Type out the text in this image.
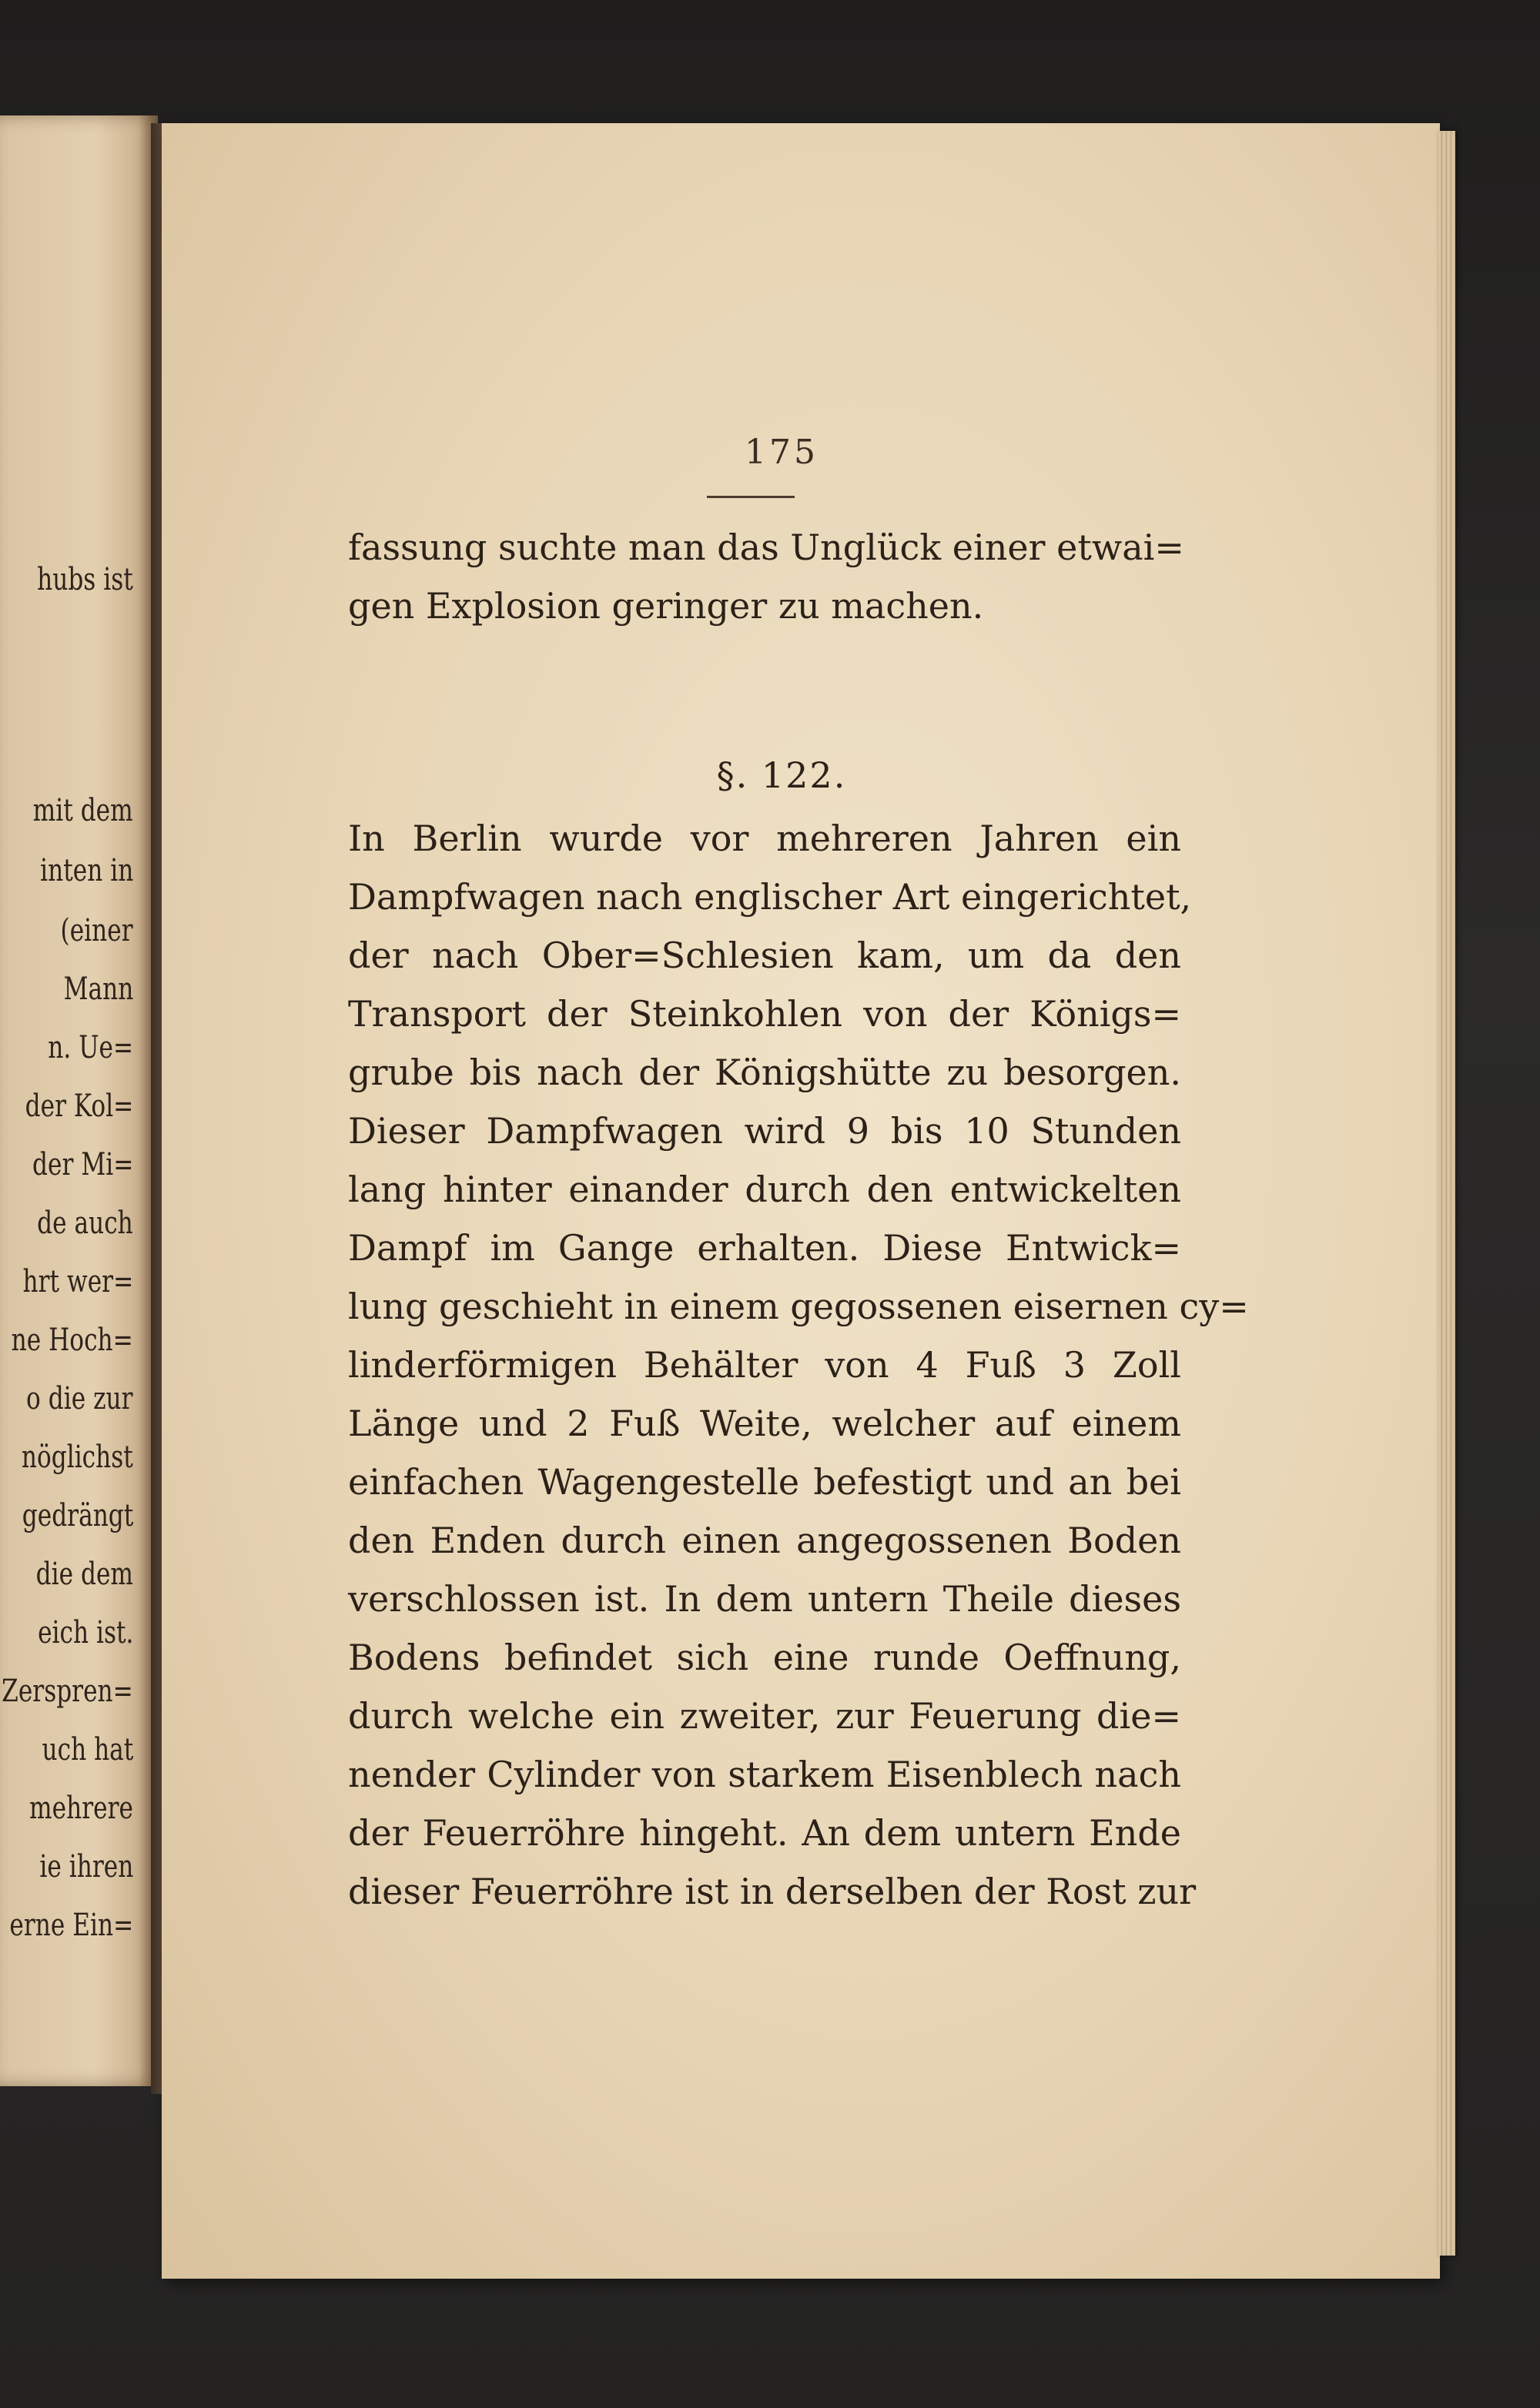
hubs ist
mit dem
inten in
(einer
Mann
n. Ue=
der Kol=
der Mi=
de auch
hrt wer=
ne Hoch=
o die zur
nöglichst
gedrängt
die dem
eich ist.
Zerspren=
uch hat
mehrere
ie ihren
erne Ein=
175
fassung suchte man das Unglück einer etwai=
gen Explosion geringer zu machen.
§. 122.
In Berlin wurde vor mehreren Jahren ein
Dampfwagen nach englischer Art eingerichtet,
der nach Ober=Schlesien kam, um da den
Transport der Steinkohlen von der Königs=
grube bis nach der Königshütte zu besorgen.
Dieser Dampfwagen wird 9 bis 10 Stunden
lang hinter einander durch den entwickelten
Dampf im Gange erhalten. Diese Entwick=
lung geschieht in einem gegossenen eisernen cy=
linderförmigen Behälter von 4 Fuß 3 Zoll
Länge und 2 Fuß Weite, welcher auf einem
einfachen Wagengestelle befestigt und an bei
den Enden durch einen angegossenen Boden
verschlossen ist. In dem untern Theile dieses
Bodens befindet sich eine runde Oeffnung,
durch welche ein zweiter, zur Feuerung die=
nender Cylinder von starkem Eisenblech nach
der Feuerröhre hingeht. An dem untern Ende
dieser Feuerröhre ist in derselben der Rost zur
